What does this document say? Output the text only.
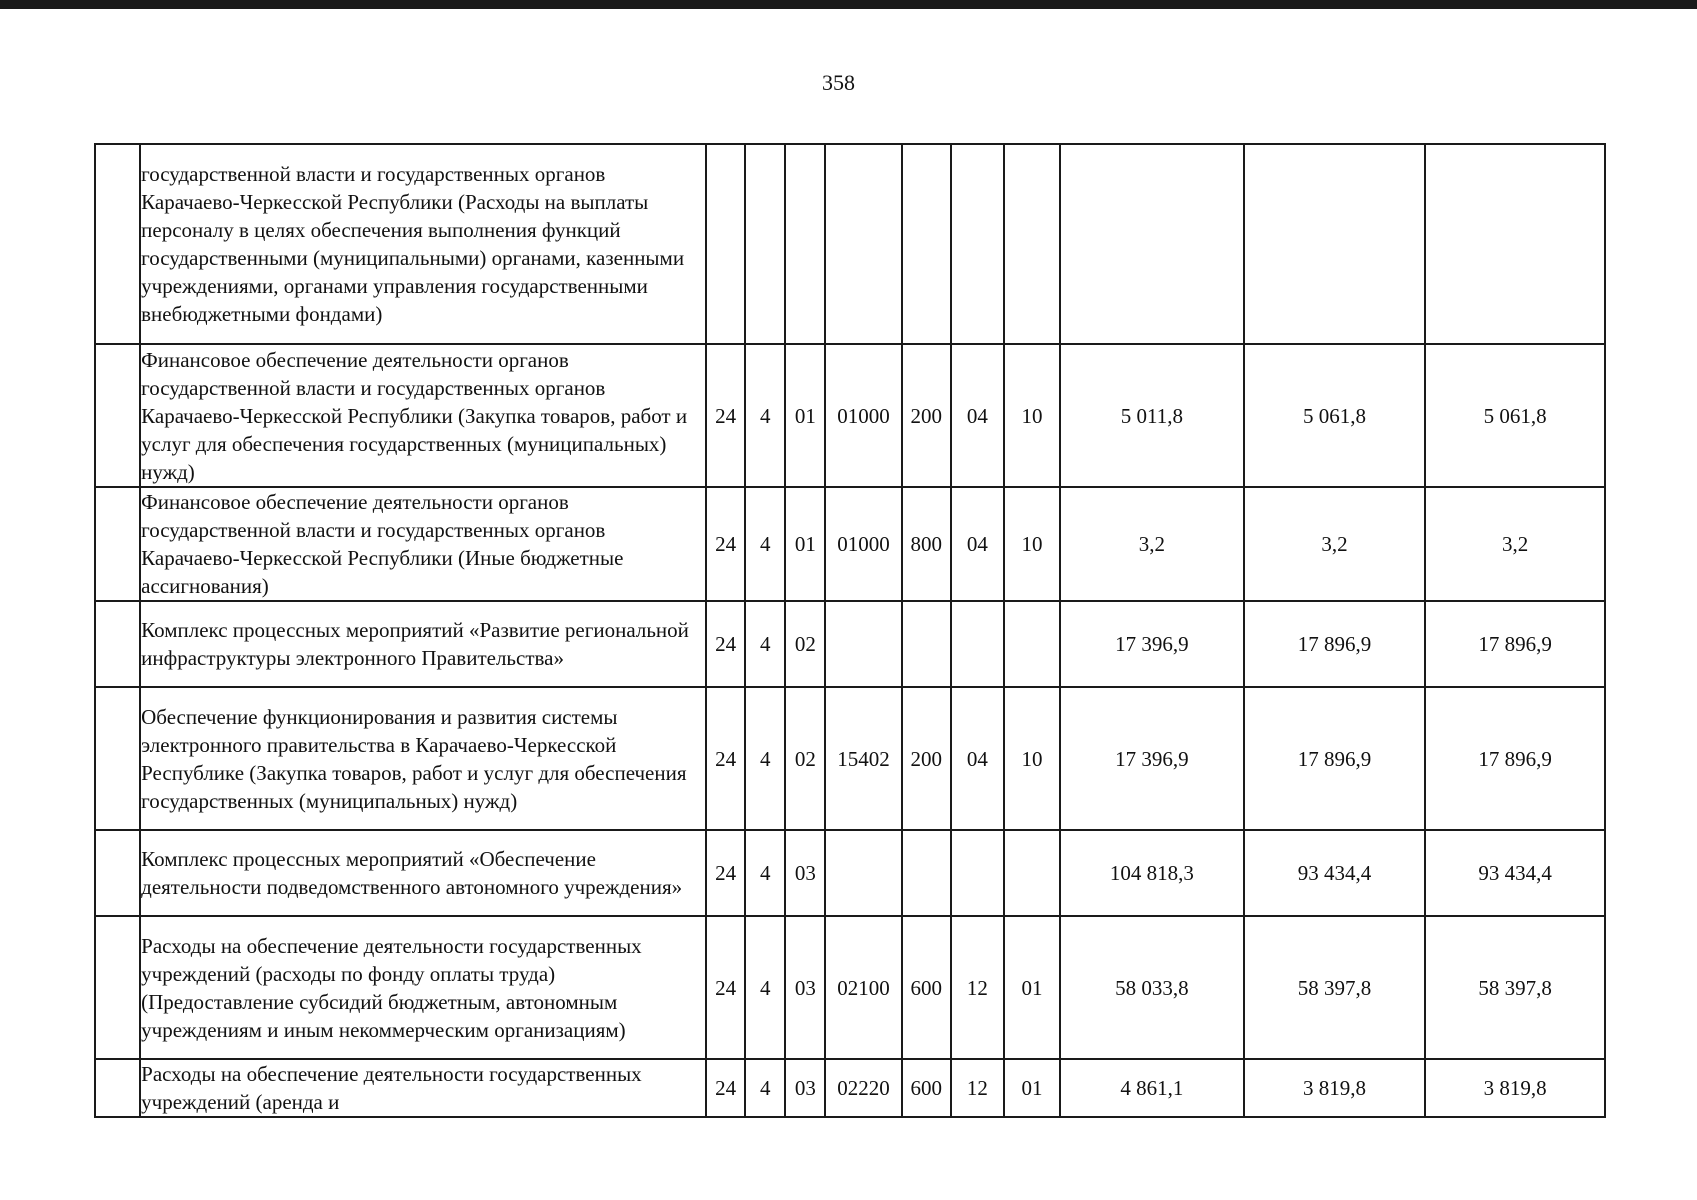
358
	государственной власти и государственных органов Карачаево-Черкесской Республики (Расходы на выплаты персоналу в целях обеспечения выполнения функций государственными (муниципальными) органами, казенными учреждениями, органами управления государственными внебюджетными фондами)										
	Финансовое обеспечение деятельности органов государственной власти и государственных органов Карачаево-Черкесской Республики (Закупка товаров, работ и услуг для обеспечения государственных (муниципальных) нужд)	24	4	01	01000	200	04	10	5 011,8	5 061,8	5 061,8
	Финансовое обеспечение деятельности органов государственной власти и государственных органов Карачаево-Черкесской Республики (Иные бюджетные ассигнования)	24	4	01	01000	800	04	10	3,2	3,2	3,2
	Комплекс процессных мероприятий «Развитие региональной инфраструктуры электронного Правительства»	24	4	02					17 396,9	17 896,9	17 896,9
	Обеспечение функционирования и развития системы электронного правительства в Карачаево-Черкесской Республике (Закупка товаров, работ и услуг для обеспечения государственных (муниципальных) нужд)	24	4	02	15402	200	04	10	17 396,9	17 896,9	17 896,9
	Комплекс процессных мероприятий «Обеспечение деятельности подведомственного автономного учреждения»	24	4	03					104 818,3	93 434,4	93 434,4
	Расходы на обеспечение деятельности государственных учреждений (расходы по фонду оплаты труда) (Предоставление субсидий бюджетным, автономным учреждениям и иным некоммерческим организациям)	24	4	03	02100	600	12	01	58 033,8	58 397,8	58 397,8
	Расходы на обеспечение деятельности государственных учреждений (аренда и	24	4	03	02220	600	12	01	4 861,1	3 819,8	3 819,8
